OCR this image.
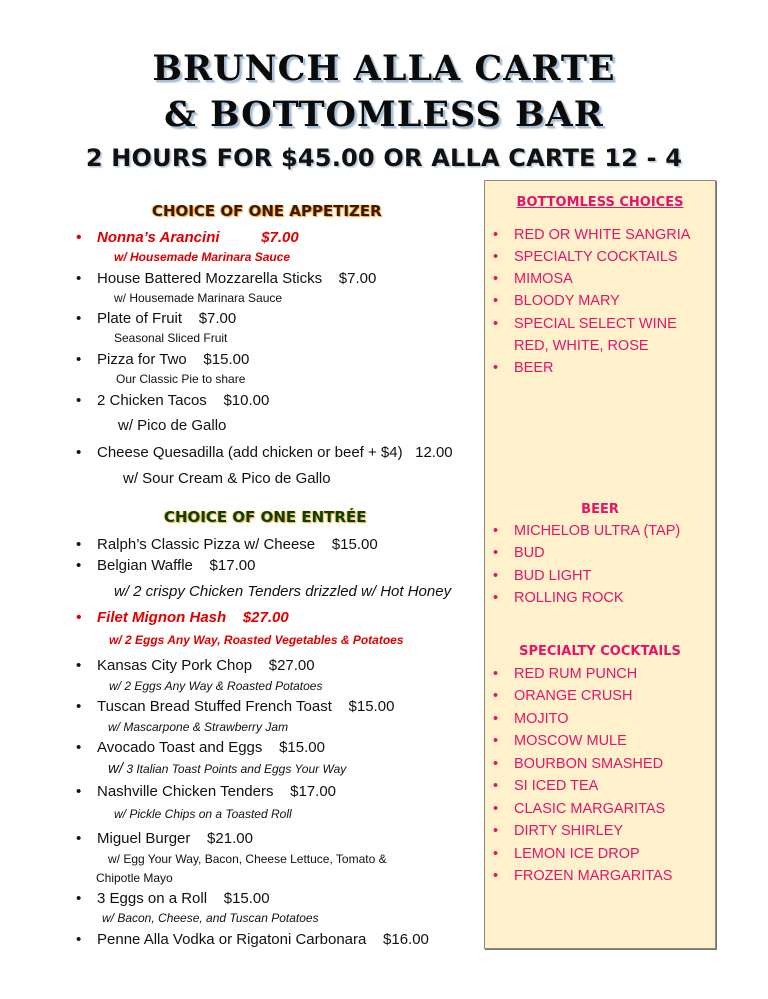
BRUNCH ALLA CARTE
& BOTTOMLESS BAR
2 HOURS FOR $45.00 OR ALLA CARTE 12 - 4
CHOICE OF ONE APPETIZER

•

Nonna’s Arancini          $7.00

w/ Housemade Marinara Sauce

•

House Battered Mozzarella Sticks    $7.00

w/ Housemade Marinara Sauce

•

Plate of Fruit    $7.00

Seasonal Sliced Fruit

•

Pizza for Two    $15.00

Our Classic Pie to share

•

2 Chicken Tacos    $10.00

w/ Pico de Gallo

•

Cheese Quesadilla (add chicken or beef + $4)   12.00

w/ Sour Cream & Pico de Gallo
CHOICE OF ONE ENTRÉE

•

Ralph’s Classic Pizza w/ Cheese    $15.00

•

Belgian Waffle    $17.00

w/ 2 crispy Chicken Tenders drizzled w/ Hot Honey

•

Filet Mignon Hash    $27.00

w/ 2 Eggs Any Way, Roasted Vegetables & Potatoes

•

Kansas City Pork Chop    $27.00

w/ 2 Eggs Any Way & Roasted Potatoes

•

Tuscan Bread Stuffed French Toast    $15.00

w/ Mascarpone & Strawberry Jam

•

Avocado Toast and Eggs    $15.00

w/ 3 Italian Toast Points and Eggs Your Way

•

Nashville Chicken Tenders    $17.00

w/ Pickle Chips on a Toasted Roll

•

Miguel Burger    $21.00

w/ Egg Your Way, Bacon, Cheese Lettuce, Tomato &
Chipotle Mayo

•

3 Eggs on a Roll    $15.00

w/ Bacon, Cheese, and Tuscan Potatoes

•

Penne Alla Vodka or Rigatoni Carbonara    $16.00

BOTTOMLESS CHOICES
• RED OR WHITE SANGRIA
• SPECIALTY COCKTAILS
• MIMOSA
• BLOODY MARY
• SPECIAL SELECT WINE
RED, WHITE, ROSE
• BEER
BEER
• MICHELOB ULTRA (TAP)
• BUD
• BUD LIGHT
• ROLLING ROCK
SPECIALTY COCKTAILS
• RED RUM PUNCH
• ORANGE CRUSH
• MOJITO
• MOSCOW MULE
• BOURBON SMASHED
• SI ICED TEA
• CLASIC MARGARITAS
• DIRTY SHIRLEY
• LEMON ICE DROP
• FROZEN MARGARITAS
